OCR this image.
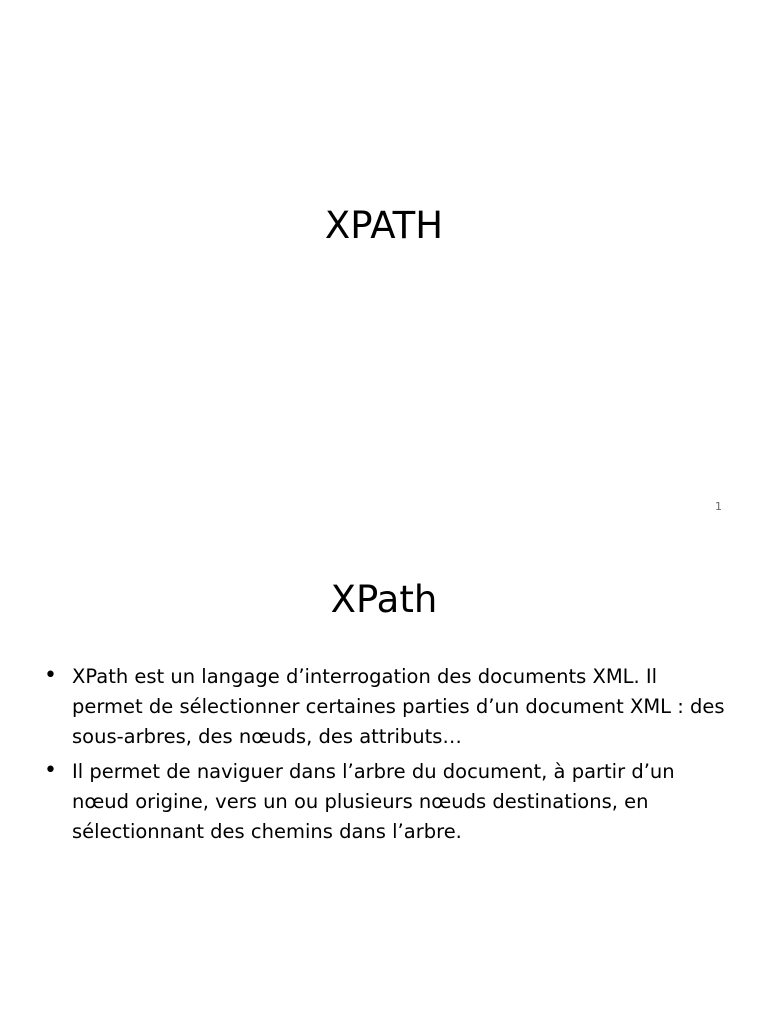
XPATH
1
XPath
• XPath est un langage d’interrogation des documents XML. Il permet de sélectionner certaines parties d’un document XML : des sous-arbres, des nœuds, des attributs…
• Il permet de naviguer dans l’arbre du document, à partir d’un nœud origine, vers un ou plusieurs nœuds destinations, en sélectionnant des chemins dans l’arbre.
